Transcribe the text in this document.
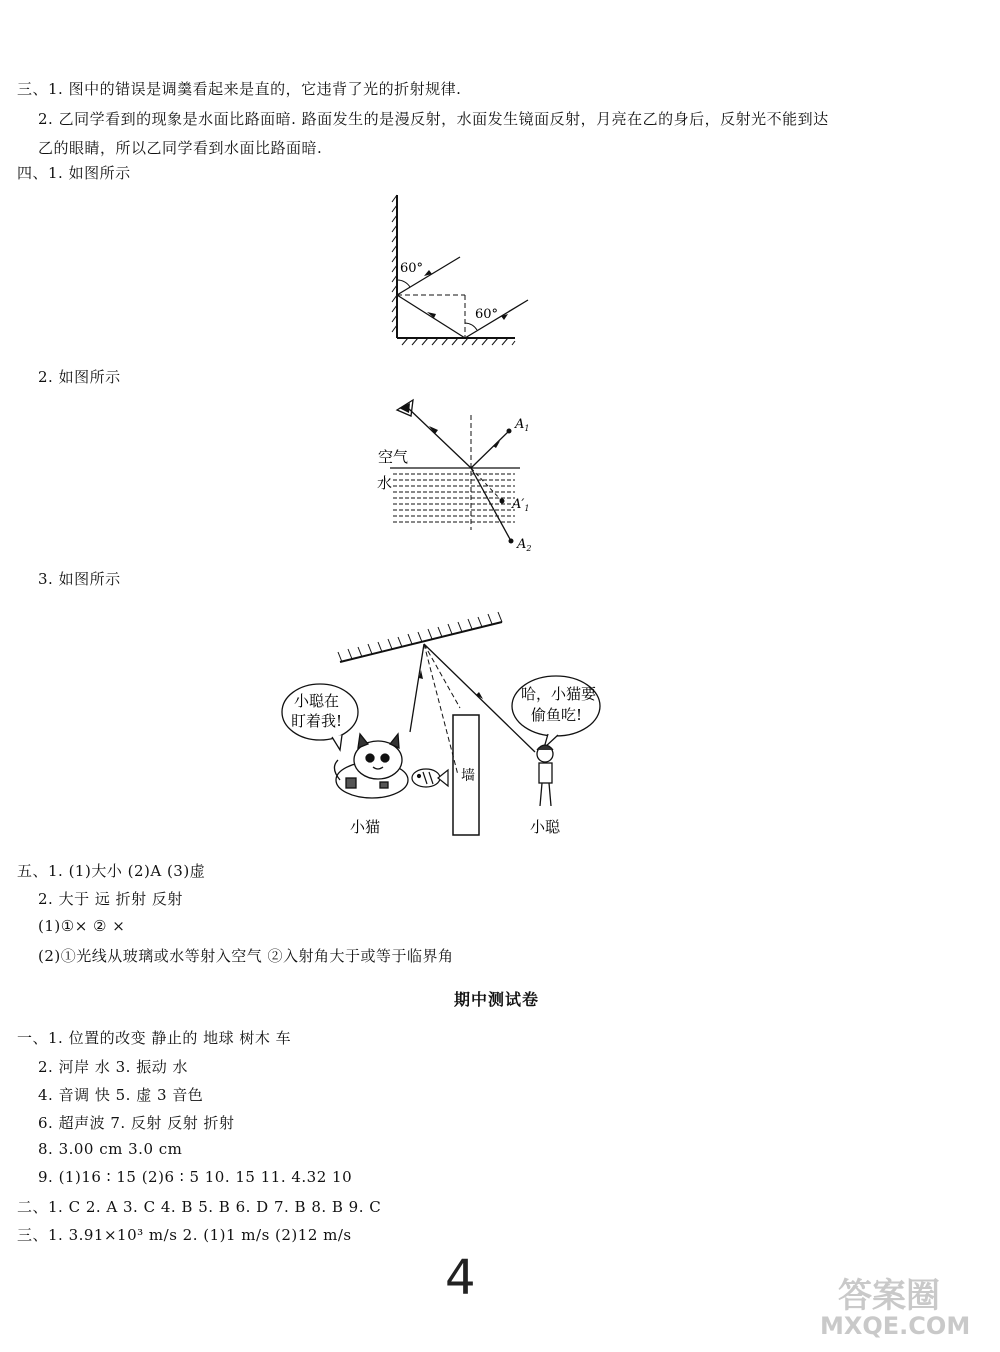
三、1. 图中的错误是调羹看起来是直的，它违背了光的折射规律.
2. 乙同学看到的现象是水面比路面暗. 路面发生的是漫反射，水面发生镜面反射，月亮在乙的身后，反射光不能到达
乙的眼睛，所以乙同学看到水面比路面暗.
四、1. 如图所示
60°
60°
2. 如图所示
$A_1$
$A'_1$
$A_2$
空气
水
3. 如图所示
墙
小聪在
盯着我!
哈，小猫要
偷鱼吃!
小猫	小聪
五、1. (1)大小 (2)A (3)虚
2. 大于 远 折射 反射
(1)①× ② ×
(2)①光线从玻璃或水等射入空气 ②入射角大于或等于临界角
期中测试卷
一、1. 位置的改变 静止的 地球 树木 车
2. 河岸 水 3. 振动 水
4. 音调 快 5. 虚 3 音色
6. 超声波 7. 反射 反射 折射
8. 3.00 cm 3.0 cm
9. (1)16 ∶ 15 (2)6 ∶ 5 10. 15 11. 4.32 10
二、1. C 2. A 3. C 4. B 5. B 6. D 7. B 8. B 9. C
三、1. 3.91×10³ m/s 2. (1)1 m/s (2)12 m/s
4	答案圈
MXQE.COM
